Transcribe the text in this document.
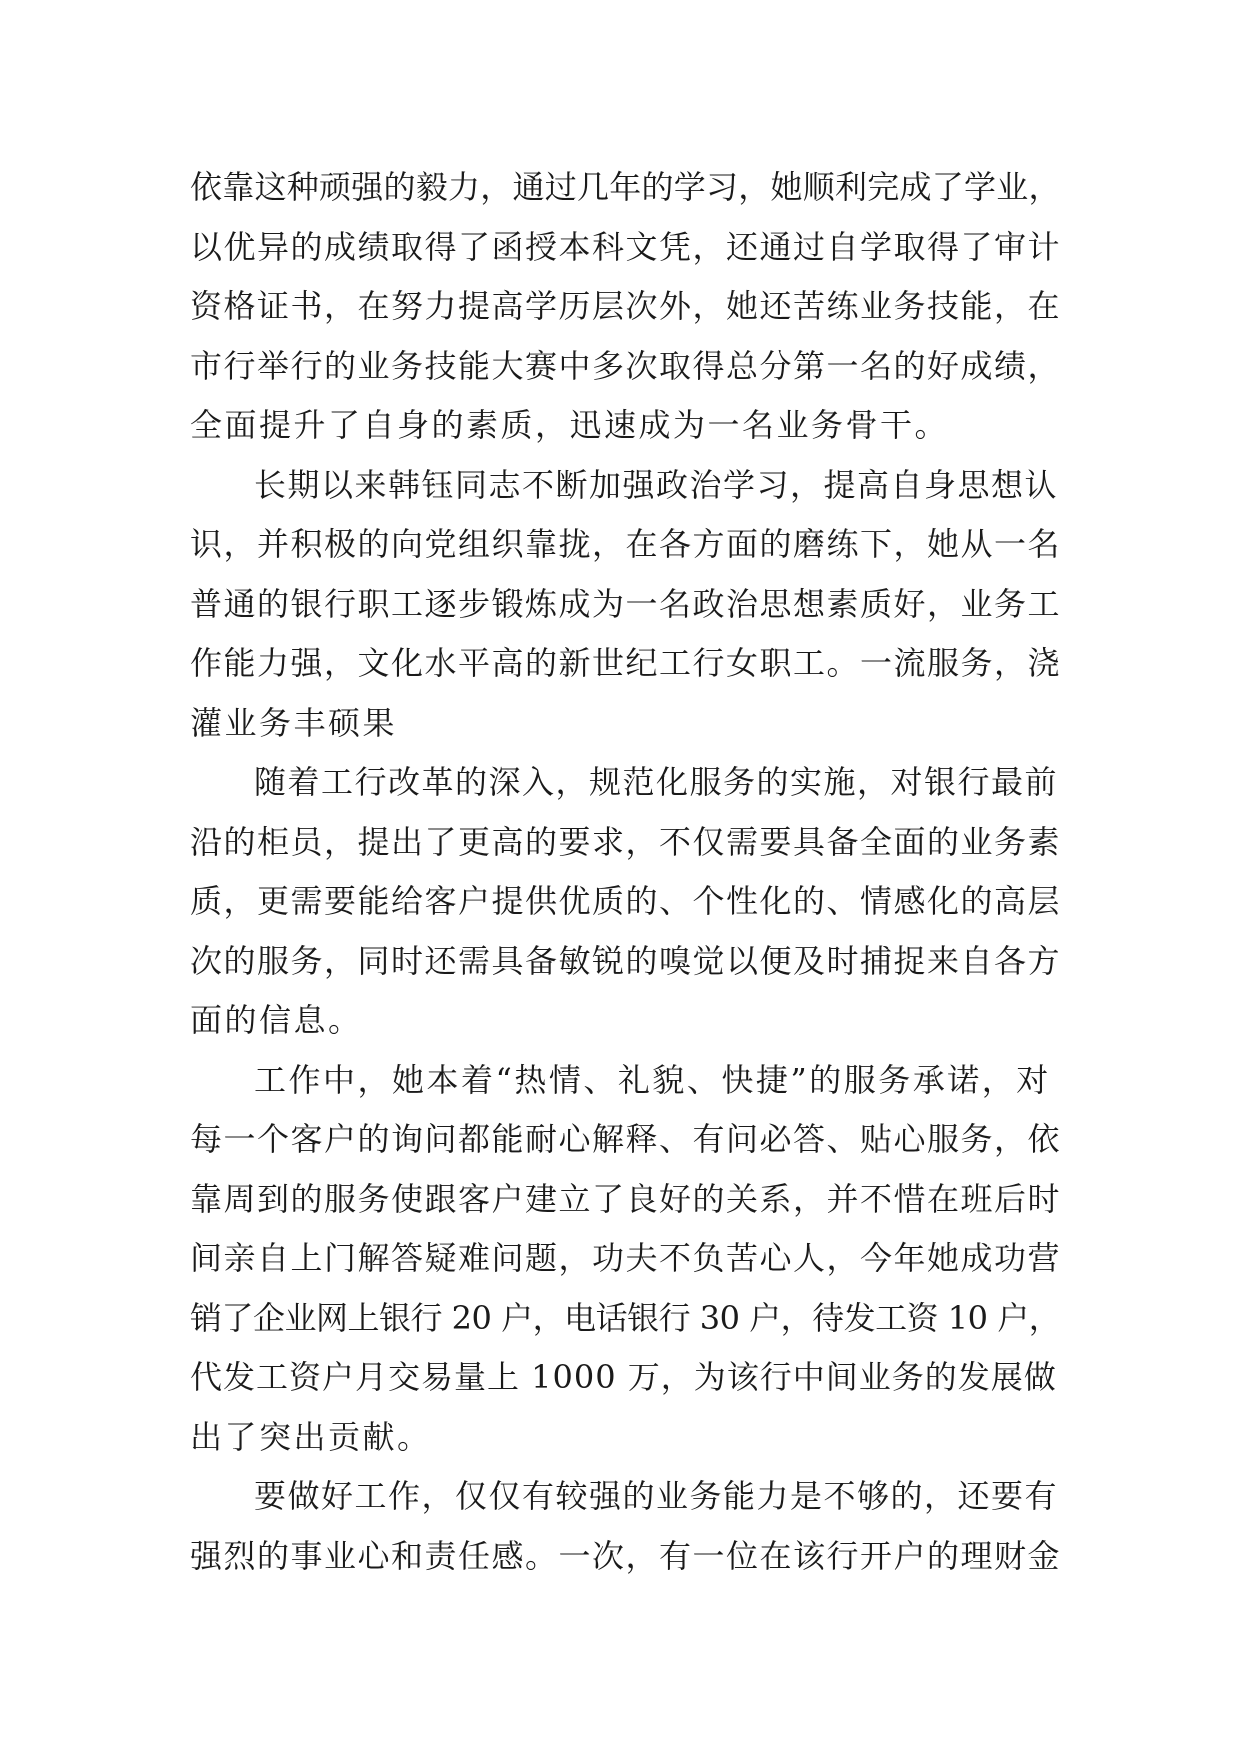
依靠这种顽强的毅力，通过几年的学习，她顺利完成了学业，
以优异的成绩取得了函授本科文凭，还通过自学取得了审计
资格证书，在努力提高学历层次外，她还苦练业务技能，在
市行举行的业务技能大赛中多次取得总分第一名的好成绩，
全面提升了自身的素质，迅速成为一名业务骨干。
长期以来韩钰同志不断加强政治学习，提高自身思想认
识，并积极的向党组织靠拢，在各方面的磨练下，她从一名
普通的银行职工逐步锻炼成为一名政治思想素质好，业务工
作能力强，文化水平高的新世纪工行女职工。一流服务，浇
灌业务丰硕果
随着工行改革的深入，规范化服务的实施，对银行最前
沿的柜员，提出了更高的要求，不仅需要具备全面的业务素
质，更需要能给客户提供优质的、个性化的、情感化的高层
次的服务，同时还需具备敏锐的嗅觉以便及时捕捉来自各方
面的信息。
工作中，她本着“热情、礼貌、快捷”的服务承诺，对
每一个客户的询问都能耐心解释、有问必答、贴心服务，依
靠周到的服务使跟客户建立了良好的关系，并不惜在班后时
间亲自上门解答疑难问题，功夫不负苦心人，今年她成功营
销了企业网上银行 20 户，电话银行 30 户，待发工资 10 户，
代发工资户月交易量上 1000 万，为该行中间业务的发展做
出了突出贡献。
要做好工作，仅仅有较强的业务能力是不够的，还要有
强烈的事业心和责任感。一次，有一位在该行开户的理财金
